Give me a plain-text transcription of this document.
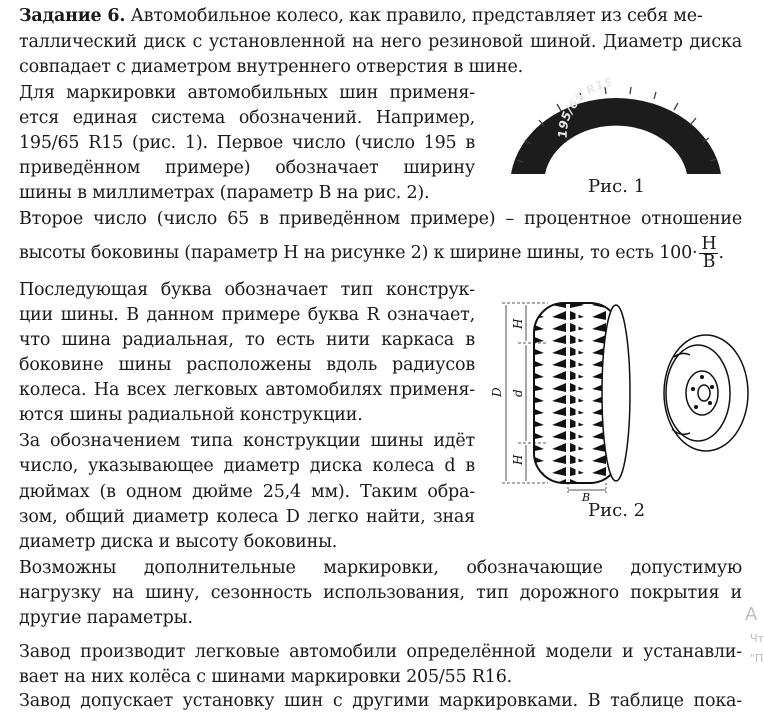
Задание 6. Автомобильное колесо, как правило, представляет из себя ме-
таллический диск с установленной на него резиновой шиной. Диаметр диска
совпадает с диаметром внутреннего отверстия в шине.
Для маркировки автомобильных шин применя-
ется единая система обозначений. Например,
195/65 R15 (рис. 1). Первое число (число 195 в
приведённом примере) обозначает ширину
шины в миллиметрах (параметр B на рис. 2).
Второе число (число 65 в приведённом примере) – процентное отношение
высоты боковины (параметр H на рисунке 2) к ширине шины, то есть $100\cdot \frac{H}{B}$ .
Последующая буква обозначает тип конструк-
ции шины. В данном примере буква R означает,
что шина радиальная, то есть нити каркаса в
боковине шины расположены вдоль радиусов
колеса. На всех легковых автомобилях применя-
ются шины радиальной конструкции.
За обозначением типа конструкции шины идёт
число, указывающее диаметр диска колеса d в
дюймах (в одном дюйме 25,4 мм). Таким обра-
зом, общий диаметр колеса D легко найти, зная
диаметр диска и высоту боковины.
Возможны дополнительные маркировки, обозначающие допустимую
нагрузку на шину, сезонность использования, тип дорожного покрытия и
другие параметры.
Завод производит легковые автомобили определённой модели и устанавли-
вает на них колёса с шинами маркировки 205/55 R16.
Завод допускает установку шин с другими маркировками. В таблице пока-
195/65 R15
Рис. 1
H
d
H
D
B
Рис. 2
А
Чт
"П
